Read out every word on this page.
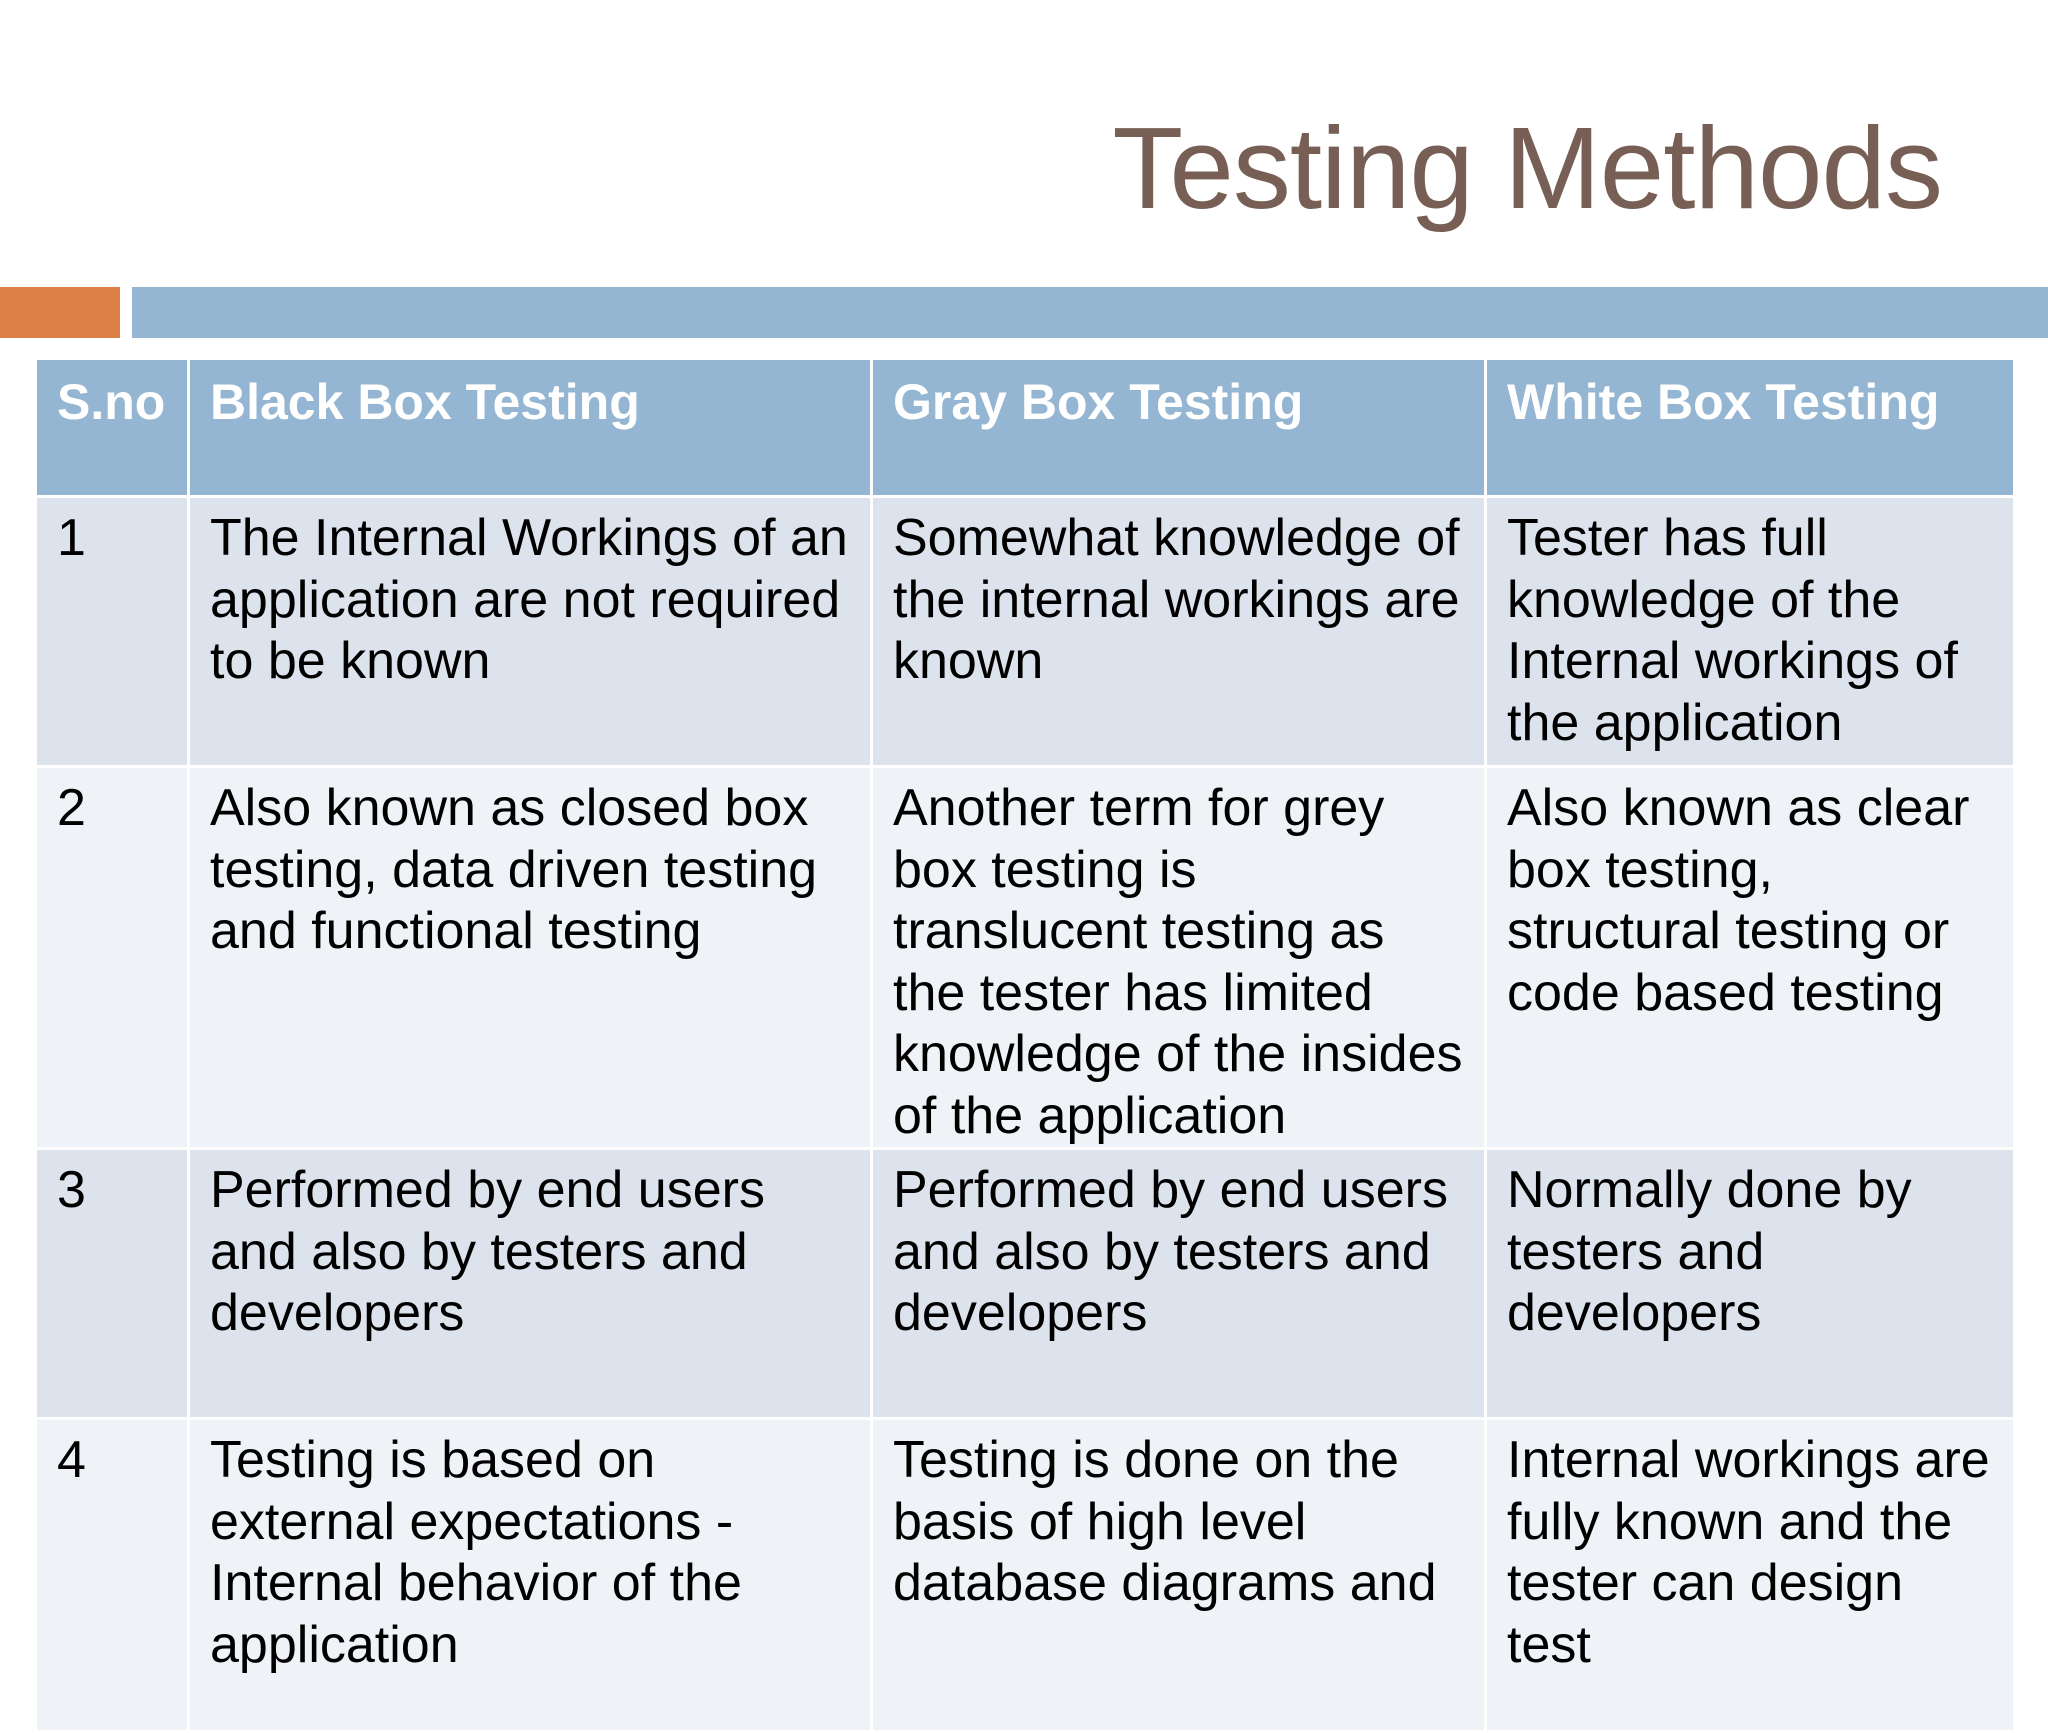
Testing Methods
S.no	Black Box Testing	Gray Box Testing	White Box Testing
1	The Internal Workings of an application are not required to be known	Somewhat knowledge of the internal workings are known	Tester has full knowledge of the Internal workings of the application
2	Also known as closed box testing, data driven testing and functional testing	Another term for grey box testing is translucent testing as the tester has limited knowledge of the insides of the application	Also known as clear box testing, structural testing or code based testing
3	Performed by end users and also by testers and developers	Performed by end users and also by testers and developers	Normally done by testers and developers
4	Testing is based on external expectations -Internal behavior of the application	Testing is done on the basis of high level database diagrams and	Internal workings are fully known and the tester can design test
